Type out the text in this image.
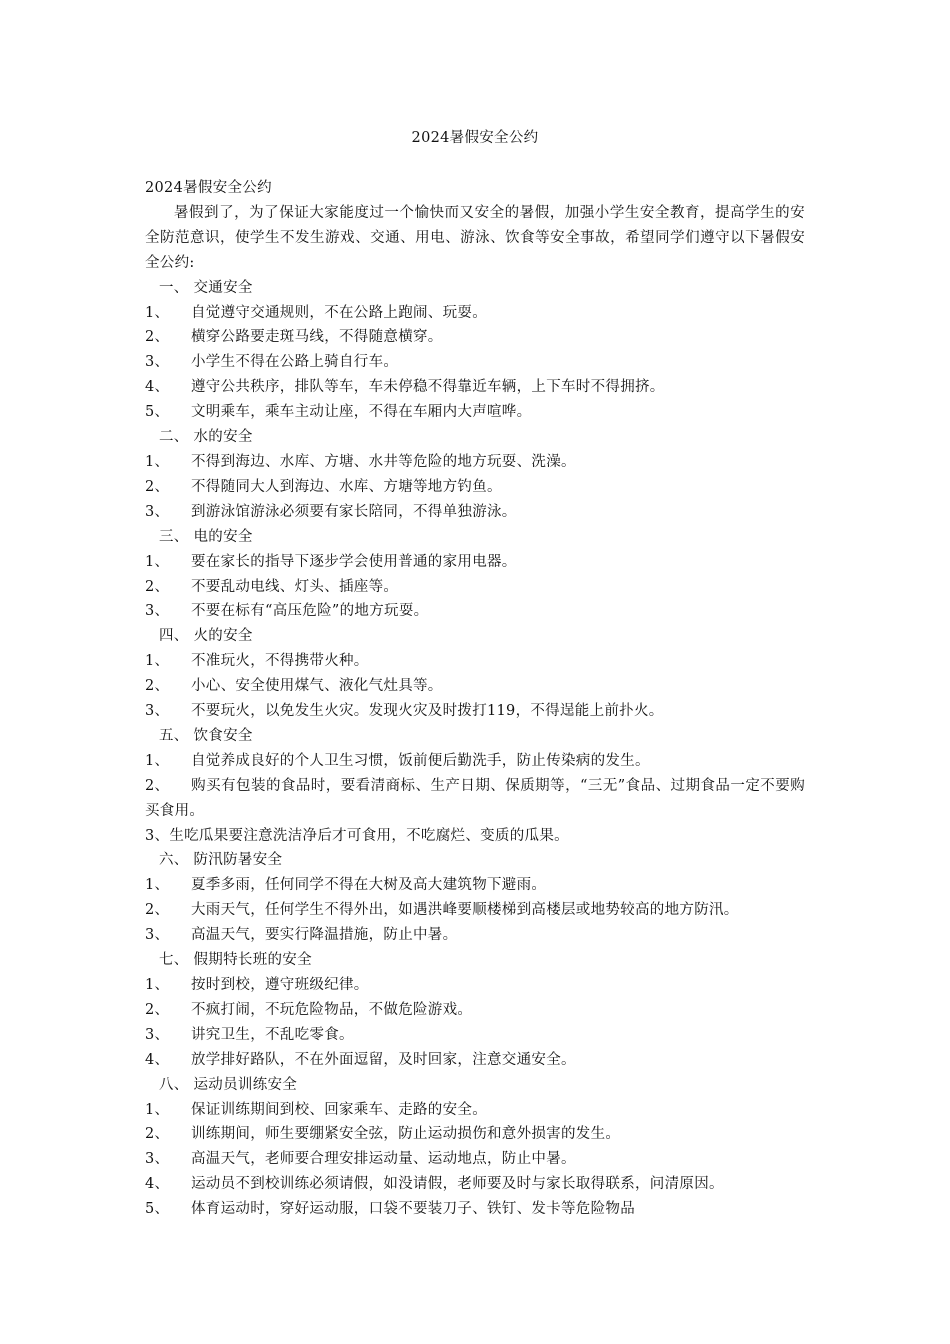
2024暑假安全公约
2024暑假安全公约
暑假到了，为了保证大家能度过一个愉快而又安全的暑假，加强小学生安全教育，提高学生的安全防范意识，使学生不发生游戏、交通、用电、游泳、饮食等安全事故，希望同学们遵守以下暑假安全公约:
一、 交通安全
1、 自觉遵守交通规则，不在公路上跑闹、玩耍。
2、 横穿公路要走斑马线，不得随意横穿。
3、 小学生不得在公路上骑自行车。
4、 遵守公共秩序，排队等车，车未停稳不得靠近车辆，上下车时不得拥挤。
5、 文明乘车，乘车主动让座，不得在车厢内大声喧哗。
二、 水的安全
1、 不得到海边、水库、方塘、水井等危险的地方玩耍、洗澡。
2、 不得随同大人到海边、水库、方塘等地方钓鱼。
3、 到游泳馆游泳必须要有家长陪同，不得单独游泳。
三、 电的安全
1、 要在家长的指导下逐步学会使用普通的家用电器。
2、 不要乱动电线、灯头、插座等。
3、 不要在标有“高压危险”的地方玩耍。
四、 火的安全
1、 不准玩火，不得携带火种。
2、 小心、安全使用煤气、液化气灶具等。
3、 不要玩火，以免发生火灾。发现火灾及时拨打119，不得逞能上前扑火。
五、 饮食安全
1、 自觉养成良好的个人卫生习惯，饭前便后勤洗手，防止传染病的发生。
2、 购买有包装的食品时，要看清商标、生产日期、保质期等，“三无”食品、过期食品一定不要购买食用。
3、生吃瓜果要注意洗洁净后才可食用，不吃腐烂、变质的瓜果。
六、 防汛防暑安全
1、 夏季多雨，任何同学不得在大树及高大建筑物下避雨。
2、 大雨天气，任何学生不得外出，如遇洪峰要顺楼梯到高楼层或地势较高的地方防汛。
3、 高温天气，要实行降温措施，防止中暑。
七、 假期特长班的安全
1、 按时到校，遵守班级纪律。
2、 不疯打闹，不玩危险物品，不做危险游戏。
3、 讲究卫生，不乱吃零食。
4、 放学排好路队，不在外面逗留，及时回家，注意交通安全。
八、 运动员训练安全
1、 保证训练期间到校、回家乘车、走路的安全。
2、 训练期间，师生要绷紧安全弦，防止运动损伤和意外损害的发生。
3、 高温天气，老师要合理安排运动量、运动地点，防止中暑。
4、 运动员不到校训练必须请假，如没请假，老师要及时与家长取得联系，问清原因。
5、 体育运动时，穿好运动服，口袋不要装刀子、铁钉、发卡等危险物品
